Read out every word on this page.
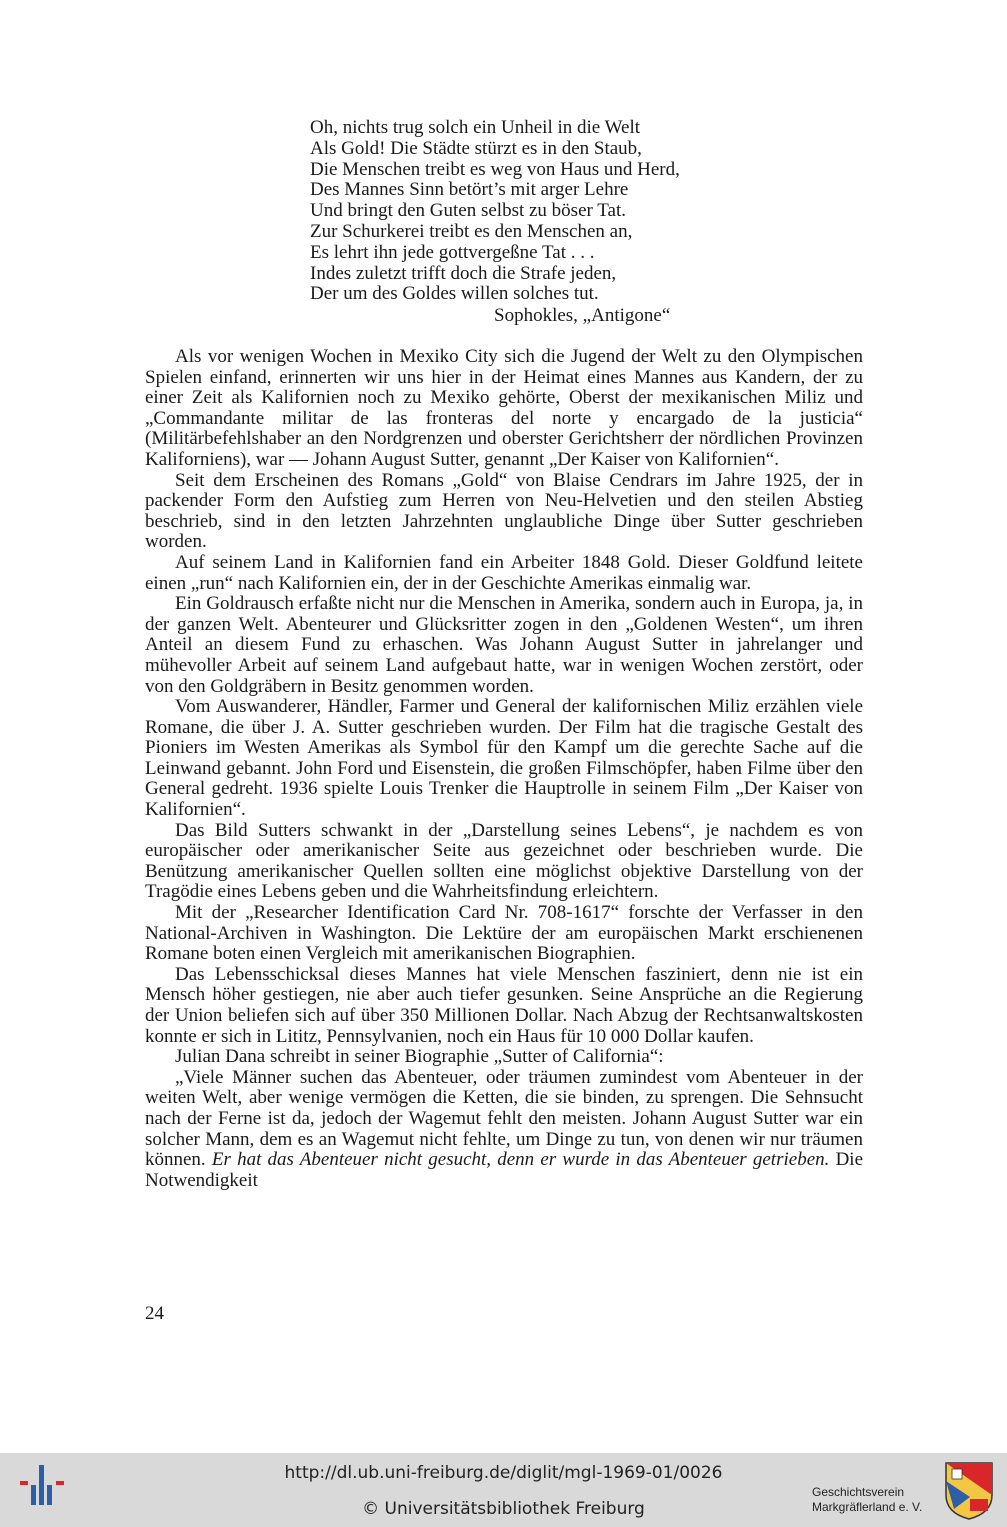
Oh, nichts trug solch ein Unheil in die Welt
Als Gold! Die Städte stürzt es in den Staub,
Die Menschen treibt es weg von Haus und Herd,
Des Mannes Sinn betört’s mit arger Lehre
Und bringt den Guten selbst zu böser Tat.
Zur Schurkerei treibt es den Menschen an,
Es lehrt ihn jede gottvergeßne Tat . . .
Indes zuletzt trifft doch die Strafe jeden,
Der um des Goldes willen solches tut.
Sophokles, „Antigone“

Als vor wenigen Wochen in Mexiko City sich die Jugend der Welt zu den Olympischen Spielen einfand, erinnerten wir uns hier in der Heimat eines Mannes aus Kandern, der zu einer Zeit als Kalifornien noch zu Mexiko gehörte, Oberst der mexikanischen Miliz und „Commandante militar de las fronteras del norte y encargado de la justicia“ (Militärbefehlshaber an den Nordgrenzen und oberster Gerichtsherr der nördlichen Provinzen Kaliforniens), war — Johann August Sutter, genannt „Der Kaiser von Kalifornien“.

Seit dem Erscheinen des Romans „Gold“ von Blaise Cendrars im Jahre 1925, der in packender Form den Aufstieg zum Herren von Neu-Helvetien und den steilen Abstieg beschrieb, sind in den letzten Jahrzehnten unglaubliche Dinge über Sutter geschrieben worden.

Auf seinem Land in Kalifornien fand ein Arbeiter 1848 Gold. Dieser Goldfund leitete einen „run“ nach Kalifornien ein, der in der Geschichte Amerikas einmalig war.

Ein Goldrausch erfaßte nicht nur die Menschen in Amerika, sondern auch in Europa, ja, in der ganzen Welt. Abenteurer und Glücksritter zogen in den „Goldenen Westen“, um ihren Anteil an diesem Fund zu erhaschen. Was Johann August Sutter in jahrelanger und mühevoller Arbeit auf seinem Land aufgebaut hatte, war in wenigen Wochen zerstört, oder von den Goldgräbern in Besitz genommen worden.

Vom Auswanderer, Händler, Farmer und General der kalifornischen Miliz erzählen viele Romane, die über J. A. Sutter geschrieben wurden. Der Film hat die tragische Gestalt des Pioniers im Westen Amerikas als Symbol für den Kampf um die gerechte Sache auf die Leinwand gebannt. John Ford und Eisenstein, die großen Filmschöpfer, haben Filme über den General gedreht. 1936 spielte Louis Trenker die Hauptrolle in seinem Film „Der Kaiser von Kalifornien“.

Das Bild Sutters schwankt in der „Darstellung seines Lebens“, je nachdem es von europäischer oder amerikanischer Seite aus gezeichnet oder beschrieben wurde. Die Benützung amerikanischer Quellen sollten eine möglichst objektive Darstellung von der Tragödie eines Lebens geben und die Wahrheitsfindung erleichtern.

Mit der „Researcher Identification Card Nr. 708-1617“ forschte der Verfasser in den National-Archiven in Washington. Die Lektüre der am europäischen Markt erschienenen Romane boten einen Vergleich mit amerikanischen Biographien.

Das Lebensschicksal dieses Mannes hat viele Menschen fasziniert, denn nie ist ein Mensch höher gestiegen, nie aber auch tiefer gesunken. Seine Ansprüche an die Regierung der Union beliefen sich auf über 350 Millionen Dollar. Nach Abzug der Rechtsanwaltskosten konnte er sich in Lititz, Pennsylvanien, noch ein Haus für 10 000 Dollar kaufen.

Julian Dana schreibt in seiner Biographie „Sutter of California“:

„Viele Männer suchen das Abenteuer, oder träumen zumindest vom Abenteuer in der weiten Welt, aber wenige vermögen die Ketten, die sie binden, zu sprengen. Die Sehnsucht nach der Ferne ist da, jedoch der Wagemut fehlt den meisten. Johann August Sutter war ein solcher Mann, dem es an Wagemut nicht fehlte, um Dinge zu tun, von denen wir nur träumen können. Er hat das Abenteuer nicht gesucht, denn er wurde in das Abenteuer getrieben. Die Notwendigkeit

24
http://dl.ub.uni-freiburg.de/diglit/mgl-1969-01/0026
© Universitätsbibliothek Freiburg
Geschichtsverein
Markgräflerland e. V.
